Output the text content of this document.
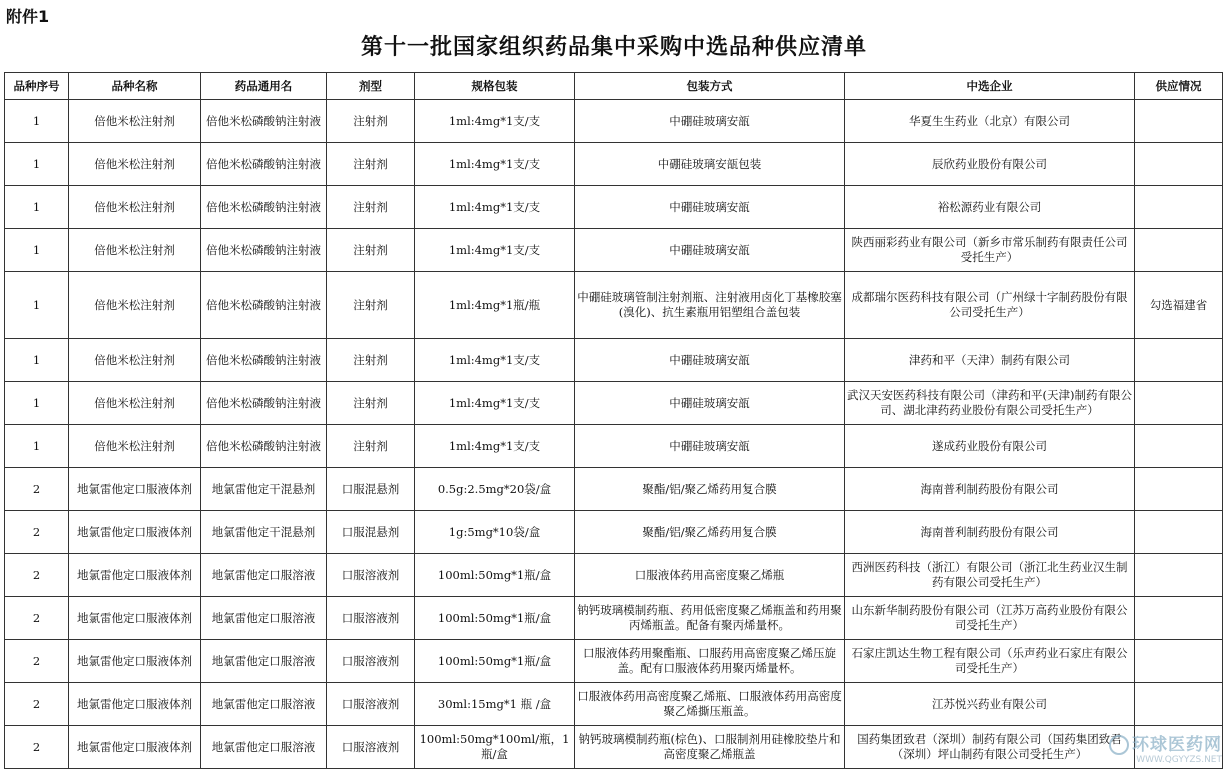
附件1
第十一批国家组织药品集中采购中选品种供应清单
品种序号	品种名称	药品通用名	剂型	规格包装	包装方式	中选企业	供应情况
1	倍他米松注射剂	倍他米松磷酸钠注射液	注射剂	1ml:4mg*1支/支	中硼硅玻璃安瓿	华夏生生药业（北京）有限公司	
1	倍他米松注射剂	倍他米松磷酸钠注射液	注射剂	1ml:4mg*1支/支	中硼硅玻璃安瓿包装	辰欣药业股份有限公司	
1	倍他米松注射剂	倍他米松磷酸钠注射液	注射剂	1ml:4mg*1支/支	中硼硅玻璃安瓿	裕松源药业有限公司	
1	倍他米松注射剂	倍他米松磷酸钠注射液	注射剂	1ml:4mg*1支/支	中硼硅玻璃安瓿	陕西丽彩药业有限公司（新乡市常乐制药有限责任公司受托生产）	
1	倍他米松注射剂	倍他米松磷酸钠注射液	注射剂	1ml:4mg*1瓶/瓶	中硼硅玻璃管制注射剂瓶、注射液用卤化丁基橡胶塞(溴化)、抗生素瓶用铝塑组合盖包装	成都瑞尔医药科技有限公司（广州绿十字制药股份有限公司受托生产）	勾选福建省
1	倍他米松注射剂	倍他米松磷酸钠注射液	注射剂	1ml:4mg*1支/支	中硼硅玻璃安瓿	津药和平（天津）制药有限公司	
1	倍他米松注射剂	倍他米松磷酸钠注射液	注射剂	1ml:4mg*1支/支	中硼硅玻璃安瓿	武汉天安医药科技有限公司（津药和平(天津)制药有限公司、湖北津药药业股份有限公司受托生产）	
1	倍他米松注射剂	倍他米松磷酸钠注射液	注射剂	1ml:4mg*1支/支	中硼硅玻璃安瓿	遂成药业股份有限公司	
2	地氯雷他定口服液体剂	地氯雷他定干混悬剂	口服混悬剂	0.5g:2.5mg*20袋/盒	聚酯/铝/聚乙烯药用复合膜	海南普利制药股份有限公司	
2	地氯雷他定口服液体剂	地氯雷他定干混悬剂	口服混悬剂	1g:5mg*10袋/盒	聚酯/铝/聚乙烯药用复合膜	海南普利制药股份有限公司	
2	地氯雷他定口服液体剂	地氯雷他定口服溶液	口服溶液剂	100ml:50mg*1瓶/盒	口服液体药用高密度聚乙烯瓶	西洲医药科技（浙江）有限公司（浙江北生药业汉生制药有限公司受托生产）	
2	地氯雷他定口服液体剂	地氯雷他定口服溶液	口服溶液剂	100ml:50mg*1瓶/盒	钠钙玻璃模制药瓶、药用低密度聚乙烯瓶盖和药用聚丙烯瓶盖。配备有聚丙烯量杯。	山东新华制药股份有限公司（江苏万高药业股份有限公司受托生产）	
2	地氯雷他定口服液体剂	地氯雷他定口服溶液	口服溶液剂	100ml:50mg*1瓶/盒	口服液体药用聚酯瓶、口服药用高密度聚乙烯压旋盖。配有口服液体药用聚丙烯量杯。	石家庄凯达生物工程有限公司（乐声药业石家庄有限公司受托生产）	
2	地氯雷他定口服液体剂	地氯雷他定口服溶液	口服溶液剂	30ml:15mg*1 瓶 /盒	口服液体药用高密度聚乙烯瓶、口服液体药用高密度聚乙烯撕压瓶盖。	江苏悦兴药业有限公司	
2	地氯雷他定口服液体剂	地氯雷他定口服溶液	口服溶液剂	100ml:50mg*100ml/瓶，1瓶/盒	钠钙玻璃模制药瓶(棕色)、口服制剂用硅橡胶垫片和高密度聚乙烯瓶盖	国药集团致君（深圳）制药有限公司（国药集团致君（深圳）坪山制药有限公司受托生产）		环球医药网
WWW.QGYYZS.NET
